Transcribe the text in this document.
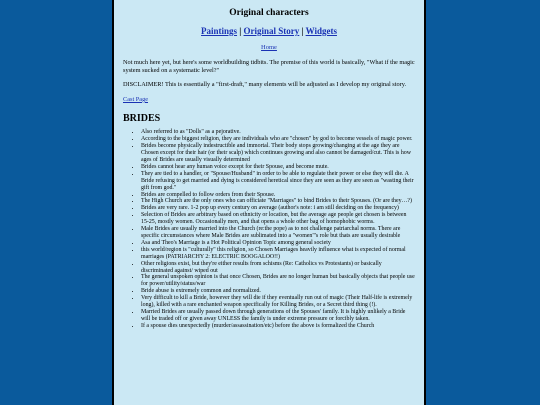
Original characters
Paintings | Original Story | Widgets
Home

Not much here yet, but here's some worldbuilding tidbits. The premise of this world is basically, "What if the magic system sucked on a systematic level?"

DISCLAIMER! This is essentially a "first-draft," many elements will be adjusted as I develop my original story.

Cast Page

BRIDES
• Also referred to as "Dolls" as a pejorative.
• According to the biggest religion, they are individuals who are "chosen" by god to become vessels of magic power.
• Brides become physically indestructible and immortal. Their body stops growing/changing at the age they are Chosen except for their hair (or their scalp) which continues growing and also cannot be damaged/cut. This is how ages of Brides are usually visually determined
• Brides cannot hear any human voice except for their Spouse, and become mute.
• They are tied to a handler, or "Spouse/Husband" in order to be able to regulate their power or else they will die. A Bride refusing to get married and dying is considered heretical since they are seen as they are seen as "wasting their gift from god."
• Brides are compelled to follow orders from their Spouse.
• The High Church are the only ones who can officiate "Marriages" to bind Brides to their Spouses. (Or are they…?)
• Brides are very rare. 1-2 pop up every century on average (author's note: i am still deciding on the frequency)
• Selection of Brides are arbitrary based on ethnicity or location, but the average age people get chosen is between 15-25, mostly women. Occasionally men, and that opens a whole other bag of homophobic worms.
• Male Brides are usually married into the Church (re:the pope) as to not challenge patriarchal norms. There are specific circumstances where Male Brides are sublimated into a "women"'s role but thats are usually desirable
• Asa and Theo's Marriage is a Hot Political Opinion Topic among general society
• this world/region is "culturally" this religion, so Chosen Marriages heavily influence what is expected of normal marriages (PATRIARCHY 2: ELECTRIC BOOGALOO!!)
• Other religions exist, but they're either results from schisms (Re: Catholics vs Protestants) or basically discriminated against/ wiped out
• The general unspoken opinion is that once Chosen, Brides are no longer human but basically objects that people use for power/utility/status/war
• Bride abuse is extremely common and normalized.
• Very difficult to kill a Bride, however they will die if they eventually run out of magic (Their Half-life is extremely long), killed with a rare enchanted weapon specifically for Killing Brides, or a Secret third thing (!).
• Married Brides are usually passed down through generations of the Spouses' family. It is highly unlikely a Bride will be traded off or given away UNLESS the family is under extreme pressure or forcibly taken.
• If a spouse dies unexpectedly (murder/assassination/etc) before the above is formalized the Church
